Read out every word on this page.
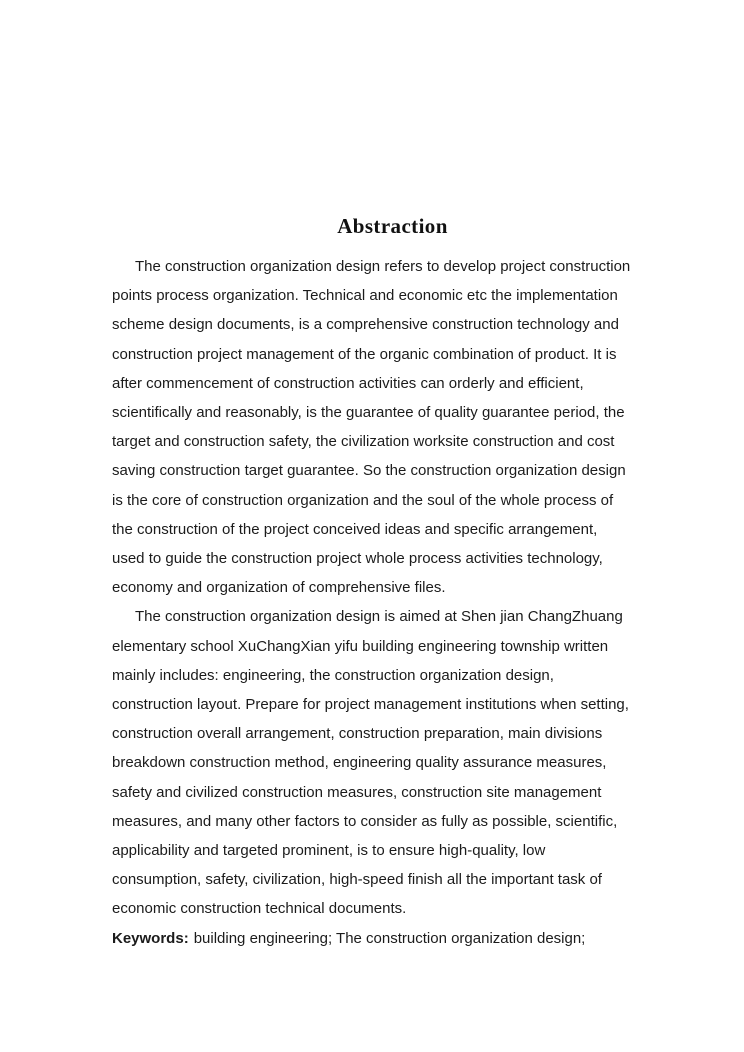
Abstraction
The construction organization design refers to develop project construction
points process organization. Technical and economic etc the implementation
scheme design documents, is a comprehensive construction technology and
construction project management of the organic combination of product. It is
after commencement of construction activities can orderly and efficient,
scientifically and reasonably, is the guarantee of quality guarantee period, the
target and construction safety, the civilization worksite construction and cost
saving construction target guarantee. So the construction organization design
is the core of construction organization and the soul of the whole process of
the construction of the project conceived ideas and specific arrangement,
used to guide the construction project whole process activities technology,
economy and organization of comprehensive files.
The construction organization design is aimed at Shen jian ChangZhuang
elementary school XuChangXian yifu building engineering township written
mainly includes: engineering, the construction organization design,
construction layout. Prepare for project management institutions when setting,
construction overall arrangement, construction preparation, main divisions
breakdown construction method, engineering quality assurance measures,
safety and civilized construction measures, construction site management
measures, and many other factors to consider as fully as possible, scientific,
applicability and targeted prominent, is to ensure high-quality, low
consumption, safety, civilization, high-speed finish all the important task of
economic construction technical documents.
Keywords: building engineering; The construction organization design;
